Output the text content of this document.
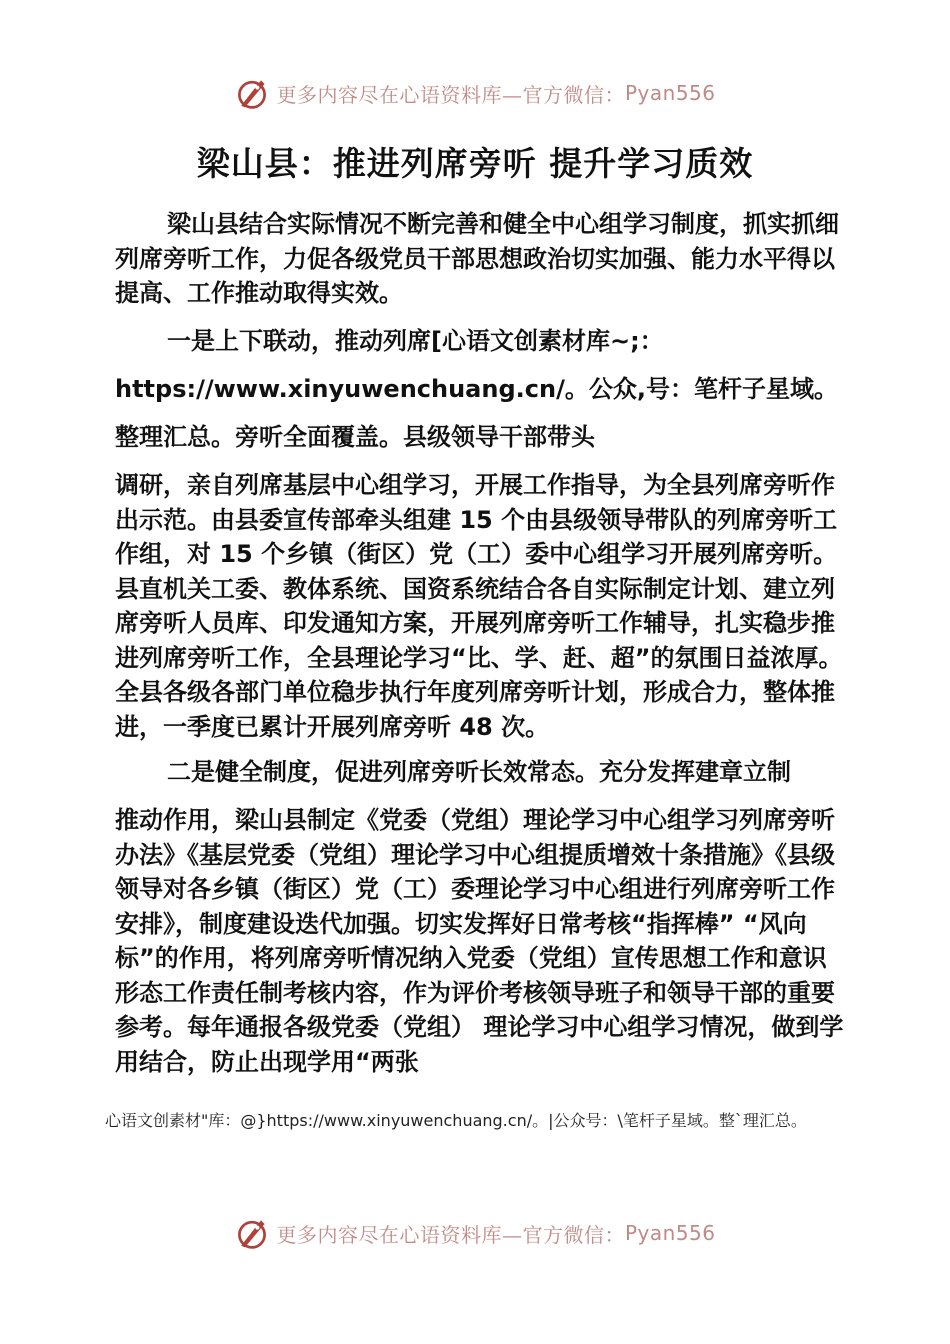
更多内容尽在心语资料库—官方微信： Pyan556
梁山县：推进列席旁听 提升学习质效

梁山县结合实际情况不断完善和健全中心组学习制度，抓实抓细列席旁听工作，力促各级党员干部思想政治切实加强、能力水平得以提高、工作推动取得实效。

一是上下联动，推动列席[心语文创素材库~;：https://www.xinyuwenchuang.cn/。公众,号：笔杆子星域。整理汇总。旁听全面覆盖。县级领导干部带头

调研，亲自列席基层中心组学习，开展工作指导，为全县列席旁听作出示范。由县委宣传部牵头组建 15 个由县级领导带队的列席旁听工作组，对 15 个乡镇（街区）党（工）委中心组学习开展列席旁听。县直机关工委、教体系统、国资系统结合各自实际制定计划、建立列席旁听人员库、印发通知方案，开展列席旁听工作辅导，扎实稳步推进列席旁听工作，全县理论学习“比、学、赶、超”的氛围日益浓厚。全县各级各部门单位稳步执行年度列席旁听计划，形成合力，整体推进，一季度已累计开展列席旁听 48 次。

二是健全制度，促进列席旁听长效常态。充分发挥建章立制

推动作用，梁山县制定《党委（党组）理论学习中心组学习列席旁听办法》《基层党委（党组）理论学习中心组提质增效十条措施》《县级领导对各乡镇（街区）党（工）委理论学习中心组进行列席旁听工作安排》，制度建设迭代加强。切实发挥好日常考核“指挥棒” “风向标”的作用，将列席旁听情况纳入党委（党组）宣传思想工作和意识形态工作责任制考核内容，作为评价考核领导班子和领导干部的重要参考。每年通报各级党委（党组） 理论学习中心组学习情况，做到学用结合，防止出现学用“两张

心语文创素材"库：@}https://www.xinyuwenchuang.cn/。|公众号：\笔杆子星域。整`理汇总。
更多内容尽在心语资料库—官方微信： Pyan556
